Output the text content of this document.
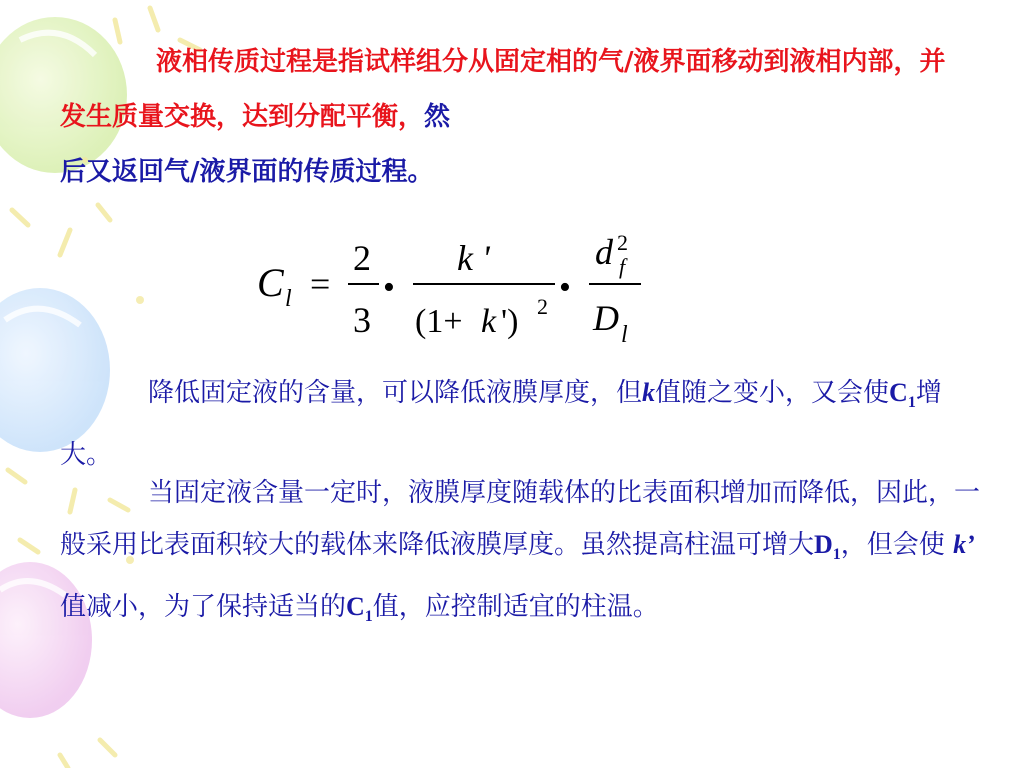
液相传质过程是指试样组分从固定相的气/液界面移动到液相内部，并发生质量交换，达到分配平衡，然
后又返回气/液界面的传质过程。

C l =
2
3
•
k '
(1+ k ') 2
•
d 2
f
D l

降低固定液的含量，可以降低液膜厚度，但k值随之变小，又会使$C_1$增大。

当固定液含量一定时，液膜厚度随载体的比表面积增加而降低，因此，一般采用比表面积较大的载体来降低液膜厚度。虽然提高柱温可增大$D_1$，但会使 k’ 值减小，为了保持适当的$C_1$值，应控制适宜的柱温。
